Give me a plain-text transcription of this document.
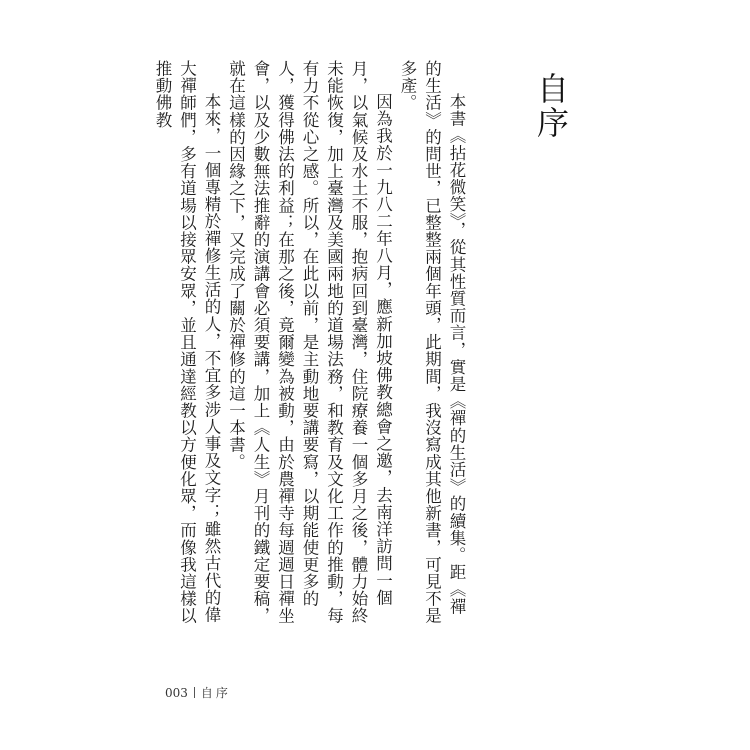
自序

本書《拈花微笑》，從其性質而言，實是《禪的生活》的續集。距《禪的生活》的問世，已整整兩個年頭，此期間，我沒寫成其他新書，可見不是多產。

因為我於一九八二年八月，應新加坡佛教總會之邀，去南洋訪問一個月，以氣候及水土不服，抱病回到臺灣，住院療養一個多月之後，體力始終未能恢復，加上臺灣及美國兩地的道場法務，和教育及文化工作的推動，每有力不從心之感。所以，在此以前，是主動地要講要寫，以期能使更多的人，獲得佛法的利益；在那之後，竟爾變為被動，由於農禪寺每週週日禪坐會，以及少數無法推辭的演講會必須要講，加上《人生》月刊的鐵定要稿，就在這樣的因緣之下，又完成了關於禪修的這一本書。

本來，一個專精於禪修生活的人，不宜多涉人事及文字；雖然古代的偉大禪師們，多有道場以接眾安眾，並且通達經教以方便化眾，而像我這樣以推動佛教

003 自序
